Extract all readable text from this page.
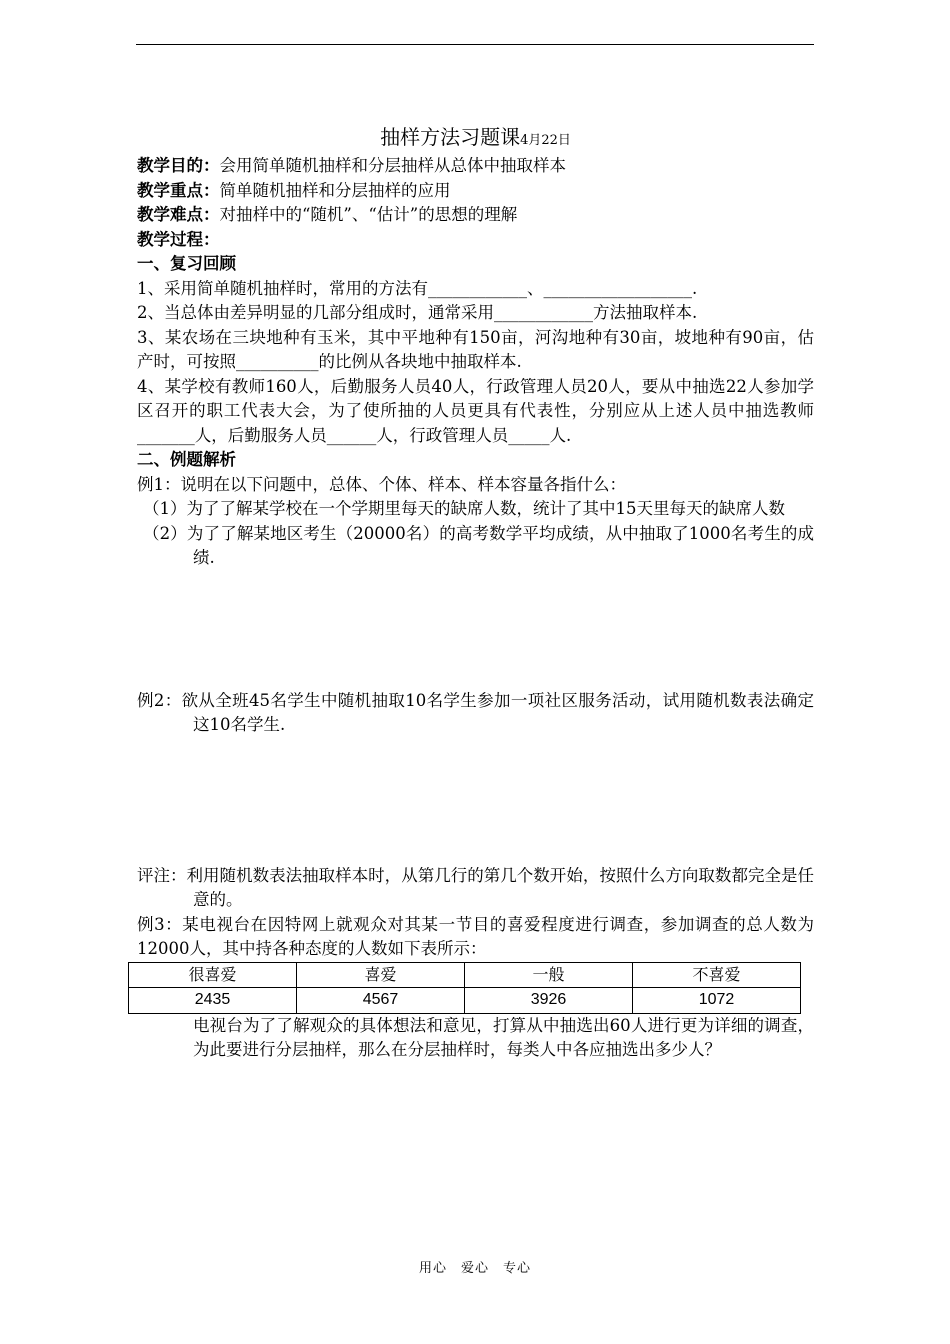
抽样方法习题课4月22日
教学目的：会用简单随机抽样和分层抽样从总体中抽取样本
教学重点：简单随机抽样和分层抽样的应用
教学难点：对抽样中的“随机”、“估计”的思想的理解
教学过程：
一、复习回顾
1、采用简单随机抽样时，常用的方法有____________、__________________.
2、当总体由差异明显的几部分组成时，通常采用____________方法抽取样本.
3、某农场在三块地种有玉米，其中平地种有150亩，河沟地种有30亩，坡地种有90亩，估产时，可按照__________的比例从各块地中抽取样本.
4、某学校有教师160人，后勤服务人员40人，行政管理人员20人，要从中抽选22人参加学区召开的职工代表大会，为了使所抽的人员更具有代表性，分别应从上述人员中抽选教师_______人，后勤服务人员______人，行政管理人员_____人.
二、例题解析
例1：说明在以下问题中，总体、个体、样本、样本容量各指什么：
（1）为了了解某学校在一个学期里每天的缺席人数，统计了其中15天里每天的缺席人数
（2）为了了解某地区考生（20000名）的高考数学平均成绩，从中抽取了1000名考生的成绩.
例2：欲从全班45名学生中随机抽取10名学生参加一项社区服务活动，试用随机数表法确定这10名学生.
评注：利用随机数表法抽取样本时，从第几行的第几个数开始，按照什么方向取数都完全是任意的。
例3：某电视台在因特网上就观众对其某一节目的喜爱程度进行调查，参加调查的总人数为12000人，其中持各种态度的人数如下表所示：
很喜爱	喜爱	一般	不喜爱
2435	4567	3926	1072
电视台为了了解观众的具体想法和意见，打算从中抽选出60人进行更为详细的调查，为此要进行分层抽样，那么在分层抽样时，每类人中各应抽选出多少人？
用心　爱心　专心
